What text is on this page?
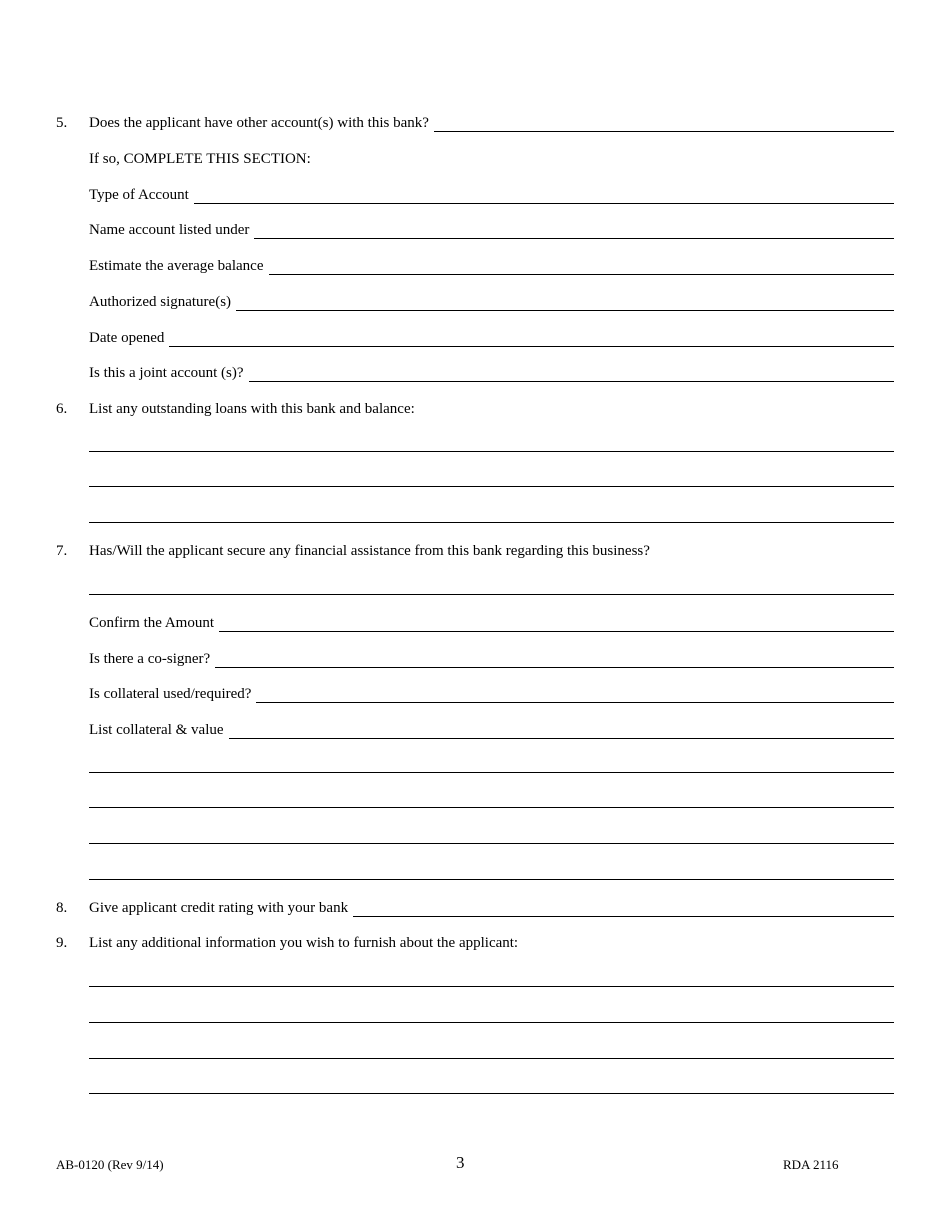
5. Does the applicant have other account(s) with this bank?
If so, COMPLETE THIS SECTION:
Type of Account
Name account listed under
Estimate the average balance
Authorized signature(s)
Date opened
Is this a joint account (s)?
6. List any outstanding loans with this bank and balance:
7. Has/Will the applicant secure any financial assistance from this bank regarding this business?
Confirm the Amount
Is there a co-signer?
Is collateral used/required?
List collateral & value
8. Give applicant credit rating with your bank
9. List any additional information you wish to furnish about the applicant:
AB-0120 (Rev 9/14)	3	RDA 2116
